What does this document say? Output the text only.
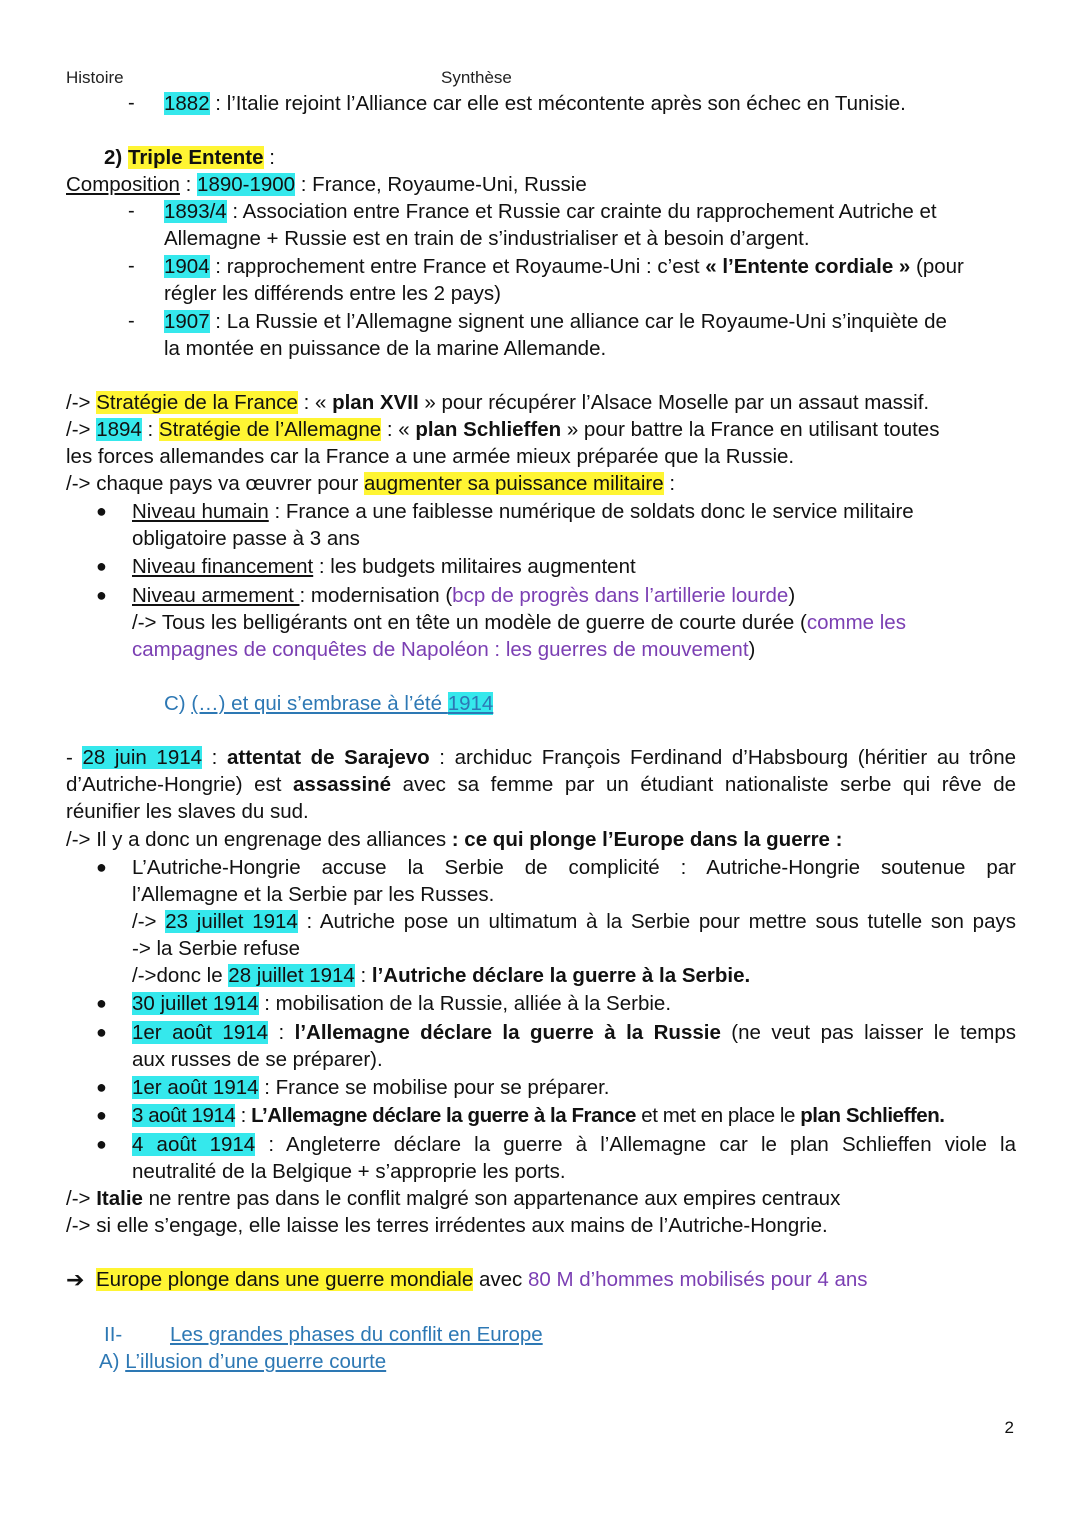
Histoire	Synthèse
- 1882 : l’Italie rejoint l’Alliance car elle est mécontente après son échec en Tunisie.
2) Triple Entente :
Composition : 1890-1900 : France, Royaume-Uni, Russie
- 1893/4 : Association entre France et Russie car crainte du rapprochement Autriche et
Allemagne + Russie est en train de s’industrialiser et à besoin d’argent.
- 1904 : rapprochement entre France et Royaume-Uni : c’est « l’Entente cordiale » (pour
régler les différends entre les 2 pays)
- 1907 : La Russie et l’Allemagne signent une alliance car le Royaume-Uni s’inquiète de
la montée en puissance de la marine Allemande.
/-> Stratégie de la France : « plan XVII » pour récupérer l’Alsace Moselle par un assaut massif.
/-> 1894 : Stratégie de l’Allemagne : « plan Schlieffen » pour battre la France en utilisant toutes
les forces allemandes car la France a une armée mieux préparée que la Russie.
/-> chaque pays va œuvrer pour augmenter sa puissance militaire :
● Niveau humain : France a une faiblesse numérique de soldats donc le service militaire
obligatoire passe à 3 ans
● Niveau financement : les budgets militaires augmentent
● Niveau armement : modernisation (bcp de progrès dans l’artillerie lourde)
/-> Tous les belligérants ont en tête un modèle de guerre de courte durée (comme les
campagnes de conquêtes de Napoléon : les guerres de mouvement)
C) (…) et qui s’embrase à l’été 1914
- 28 juin 1914 : attentat de Sarajevo : archiduc François Ferdinand d’Habsbourg (héritier au trône
d’Autriche-Hongrie) est assassiné avec sa femme par un étudiant nationaliste serbe qui rêve de
réunifier les slaves du sud.
/-> Il y a donc un engrenage des alliances : ce qui plonge l’Europe dans la guerre :
● L’Autriche-Hongrie accuse la Serbie de complicité : Autriche-Hongrie soutenue par
l’Allemagne et la Serbie par les Russes.
/-> 23 juillet 1914 : Autriche pose un ultimatum à la Serbie pour mettre sous tutelle son pays
-> la Serbie refuse
/->donc le 28 juillet 1914 : l’Autriche déclare la guerre à la Serbie.
● 30 juillet 1914 : mobilisation de la Russie, alliée à la Serbie.
● 1er août 1914 : l’Allemagne déclare la guerre à la Russie (ne veut pas laisser le temps
aux russes de se préparer).
● 1er août 1914 : France se mobilise pour se préparer.
● 3 août 1914 : L’Allemagne déclare la guerre à la France et met en place le plan Schlieffen.
● 4 août 1914 : Angleterre déclare la guerre à l’Allemagne car le plan Schlieffen viole la
neutralité de la Belgique + s’approprie les ports.
/-> Italie ne rentre pas dans le conflit malgré son appartenance aux empires centraux
/-> si elle s’engage, elle laisse les terres irrédentes aux mains de l’Autriche-Hongrie.
➔ Europe plonge dans une guerre mondiale avec 80 M d’hommes mobilisés pour 4 ans
II- Les grandes phases du conflit en Europe
A) L’illusion d’une guerre courte
2
